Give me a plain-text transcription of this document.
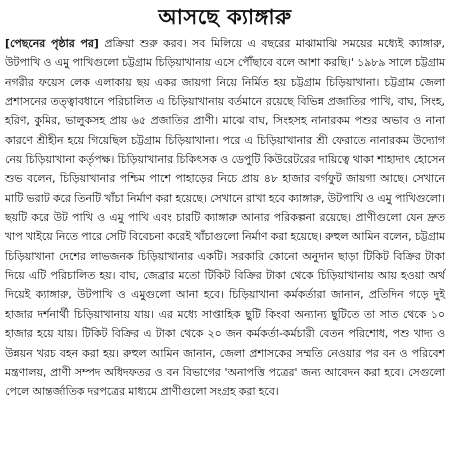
আসছে ক্যাঙ্গারু

[পেছনের পৃষ্ঠার পর] প্রক্রিয়া শুরু করব। সব মিলিয়ে এ বছরের মাঝামাঝি সময়ের মধ্যেই ক্যাঙ্গারু, উটপাখি ও এমু পাখিগুলো চট্টগ্রাম চিড়িয়াখানায় এসে পৌঁছাবে বলে আশা করছি।' ১৯৮৯ সালে চট্টগ্রাম নগরীর ফয়েস লেক এলাকায় ছয় একর জায়গা নিয়ে নির্মিত হয় চট্টগ্রাম চিড়িয়াখানা। চট্টগ্রাম জেলা প্রশাসনের তত্ত্বাবধানে পরিচালিত এ চিড়িয়াখানায় বর্তমানে রয়েছে বিভিন্ন প্রজাতির পাখি, বাঘ, সিংহ, হরিণ, কুমির, ভালুকসহ প্রায় ৬৫ প্রজাতির প্রাণী। মাঝে বাঘ, সিংহসহ নানারকম পশুর অভাব ও নানা কারণে শ্রীহীন হয়ে গিয়েছিল চট্টগ্রাম চিড়িয়াখানা। পরে এ চিড়িয়াখানার শ্রী ফেরাতে নানারকম উদ্যোগ নেয় চিড়িয়াখানা কর্তৃপক্ষ। চিড়িয়াখানার চিকিৎসক ও ডেপুটি কিউরেটরের দায়িত্বে থাকা শাহাদাৎ হোসেন শুভ বলেন, চিড়িয়াখানার পশ্চিম পাশে পাহাড়ের নিচে প্রায় ৪৮ হাজার বর্গফুট জায়গা আছে। সেখানে মাটি ভরাট করে তিনটি খাঁচা নির্মাণ করা হয়েছে। সেখানে রাখা হবে ক্যাঙ্গারু, উটপাখি ও এমু পাখিগুলো। ছয়টি করে উট পাখি ও এমু পাখি এবং চারটি ক্যাঙ্গারু আনার পরিকল্পনা রয়েছে। প্রাণীগুলো যেন দ্রুত খাপ খাইয়ে নিতে পারে সেটি বিবেচনা করেই খাঁচাগুলো নির্মাণ করা হয়েছে। রুহুল আমিন বলেন, চট্টগ্রাম চিড়িয়াখানা দেশের লাভজনক চিড়িয়াখানার একটি। সরকারি কোনো অনুদান ছাড়া টিকিট বিক্রির টাকা দিয়ে এটি পরিচালিত হয়। বাঘ, জেব্রার মতো টিকিট বিক্রির টাকা থেকে চিড়িয়াখানায় আয় হওয়া অর্থ দিয়েই ক্যাঙ্গারু, উটপাখি ও এমুগুলো আনা হবে। চিড়িয়াখানা কর্মকর্তারা জানান, প্রতিদিন গড়ে দুই হাজার দর্শনার্থী চিড়িয়াখানায় যায়। এর মধ্যে সাপ্তাহিক ছুটি কিংবা অন্যান্য ছুটিতে তা সাত থেকে ১০ হাজার হয়ে যায়। টিকিট বিক্রির এ টাকা থেকে ২০ জন কর্মকর্তা-কর্মচারী বেতন পরিশোধ, পশু খাদ্য ও উন্নয়ন খরচ বহন করা হয়। রুহুল আমিন জানান, জেলা প্রশাসকের সম্মতি নেওয়ার পর বন ও পরিবেশ মন্ত্রণালয়, প্রাণী সম্পদ অধিদফতর ও বন বিভাগের 'অনাপত্তি পত্রের' জন্য আবেদন করা হবে। সেগুলো পেলে আন্তর্জাতিক দরপত্রের মাধ্যমে প্রাণীগুলো সংগ্রহ করা হবে।
